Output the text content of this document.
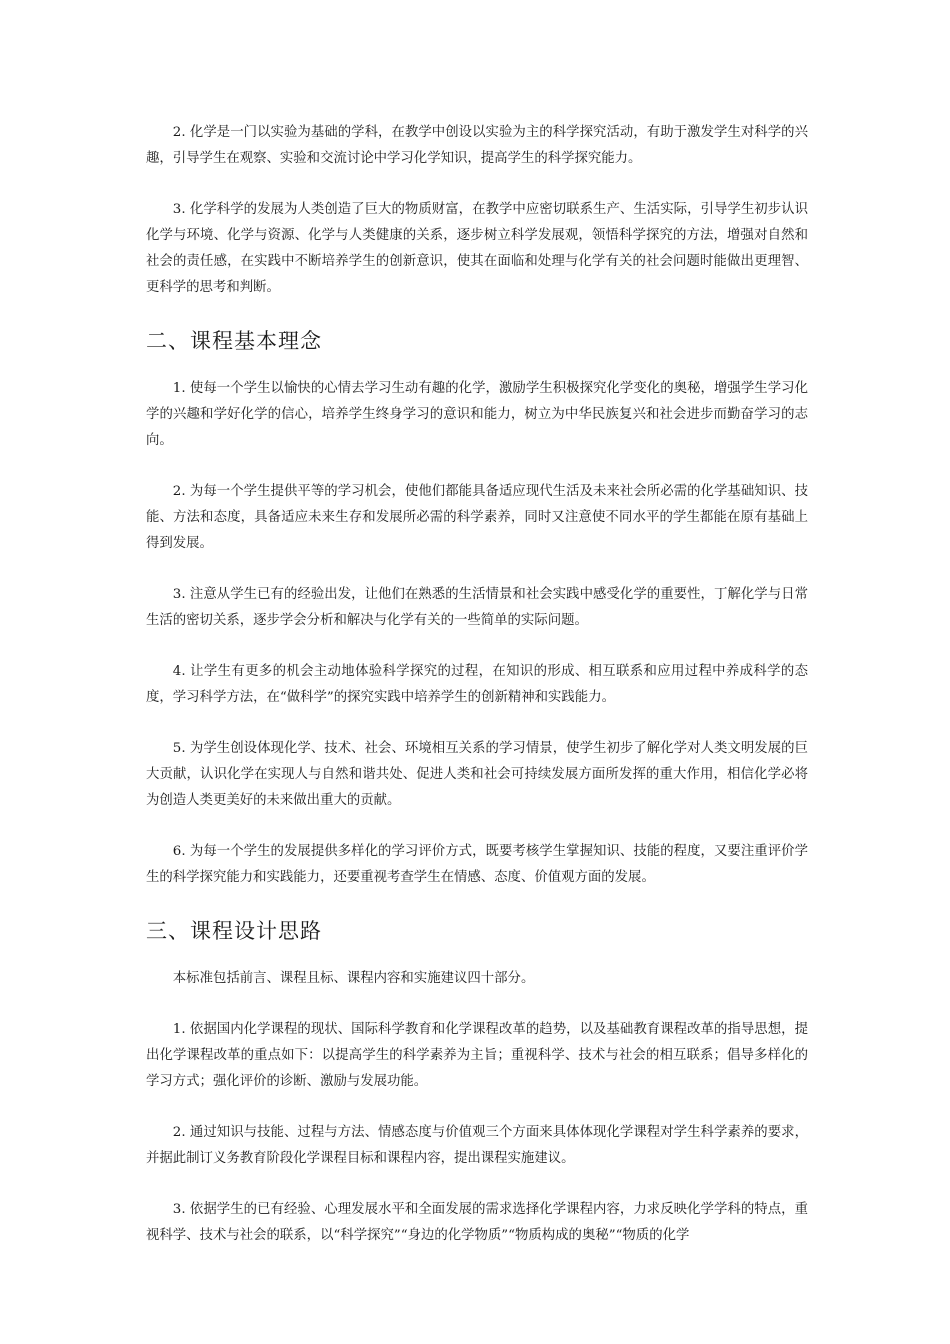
2. 化学是一门以实验为基础的学科，在教学中创设以实验为主的科学探究活动，有助于激发学生对科学的兴趣，引导学生在观察、实验和交流讨论中学习化学知识，提高学生的科学探究能力。

3. 化学科学的发展为人类创造了巨大的物质财富，在教学中应密切联系生产、生活实际，引导学生初步认识化学与环境、化学与资源、化学与人类健康的关系，逐步树立科学发展观，领悟科学探究的方法，增强对自然和社会的责任感，在实践中不断培养学生的创新意识，使其在面临和处理与化学有关的社会问题时能做出更理智、更科学的思考和判断。

二、课程基本理念

1. 使每一个学生以愉快的心情去学习生动有趣的化学，激励学生积极探究化学变化的奥秘，增强学生学习化学的兴趣和学好化学的信心，培养学生终身学习的意识和能力，树立为中华民族复兴和社会进步而勤奋学习的志向。

2. 为每一个学生提供平等的学习机会，使他们都能具备适应现代生活及未来社会所必需的化学基础知识、技能、方法和态度，具备适应未来生存和发展所必需的科学素养，同时又注意使不同水平的学生都能在原有基础上得到发展。

3. 注意从学生已有的经验出发，让他们在熟悉的生活情景和社会实践中感受化学的重要性，丁解化学与日常生活的密切关系，逐步学会分析和解决与化学有关的一些简单的实际问题。

4. 让学生有更多的机会主动地体验科学探究的过程，在知识的形成、相互联系和应用过程中养成科学的态度，学习科学方法，在“做科学”的探究实践中培养学生的创新精神和实践能力。

5. 为学生创设体现化学、技术、社会、环境相互关系的学习情景，使学生初步了解化学对人类文明发展的巨大贡献，认识化学在实现人与自然和谐共处、促进人类和社会可持续发展方面所发挥的重大作用，相信化学必将为创造人类更美好的未来做出重大的贡献。

6. 为每一个学生的发展提供多样化的学习评价方式，既要考核学生掌握知识、技能的程度，又要注重评价学生的科学探究能力和实践能力，还要重视考查学生在情感、态度、价值观方面的发展。

三、课程设计思路

本标准包括前言、课程且标、课程内容和实施建议四十部分。

1. 依据国内化学课程的现状、国际科学教育和化学课程改革的趋势，以及基础教育课程改革的指导思想，提出化学课程改革的重点如下：以提高学生的科学素养为主旨；重视科学、技术与社会的相互联系；倡导多样化的学习方式；强化评价的诊断、激励与发展功能。

2. 通过知识与技能、过程与方法、情感态度与价值观三个方面来具体体现化学课程对学生科学素养的要求，并据此制订义务教育阶段化学课程目标和课程内容，提出课程实施建议。

3. 依据学生的已有经验、心理发展水平和全面发展的需求选择化学课程内容，力求反映化学学科的特点，重视科学、技术与社会的联系，以“科学探究”“身边的化学物质”“物质构成的奥秘”“物质的化学
